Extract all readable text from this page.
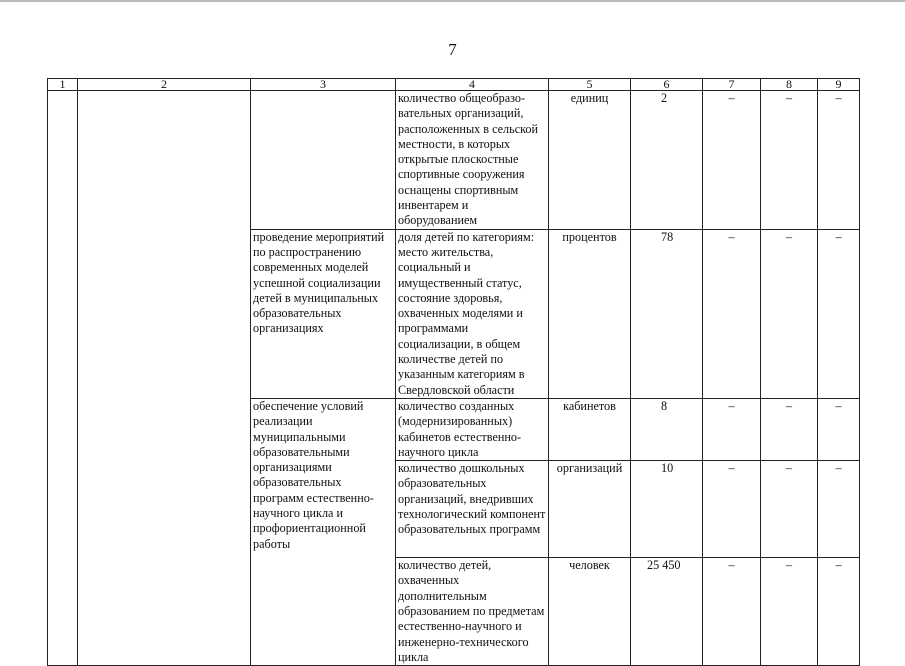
7
1	2	3	4	5	6	7	8	9
			количество общеобразо-вательных организаций, расположенных в сельской местности, в которых открытые плоскостные спортивные сооружения оснащены спортивным инвентарем и оборудованием	единиц	2	–	–	–
		проведение мероприятий по распространению современных моделей успешной социализации детей в муниципальных образовательных организациях	доля детей по категориям: место жительства, социальный и имущественный статус, состояние здоровья, охваченных моделями и программами социализации, в общем количестве детей по указанным категориям в Свердловской области	процентов	78	–	–	–
		обеспечение условий реализации муниципальными образовательными организациями образовательных программ естественно-научного цикла и профориентационной работы	количество созданных (модернизированных) кабинетов естественно-научного цикла	кабинетов	8	–	–	–
			количество дошкольных образовательных организаций, внедривших технологический компонент образовательных программ	организаций	10	–	–	–
			количество детей, охваченных дополнительным образованием по предметам естественно-научного и инженерно-технического цикла	человек	25 450	–	–	–
